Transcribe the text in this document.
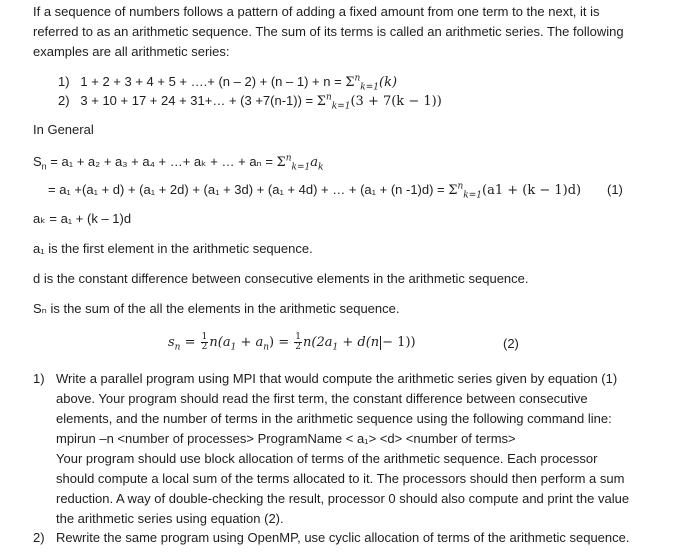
If a sequence of numbers follows a pattern of adding a fixed amount from one term to the next, it is
referred to as an arithmetic sequence. The sum of its terms is called an arithmetic series. The following
examples are all arithmetic series:
1) 1 + 2 + 3 + 4 + 5 + ….+ $(n - 2) + (n - 1) + n = \Sigma^n_{k=1}(k)$
2) 3 + 10 + 17 + 24 + 31+… + $(3 +7(n-1)) = \Sigma^n_{k=1}(3 + 7(k - 1))$
In General
$S_n = a_1 + a_2 + a_3 + a_4$ + …+ aₖ + … + $a_n = \Sigma^n_{k=1}a_k$
= a₁ +(a₁ + d) + (a₁ + 2d) + (a₁ + 3d) + (a₁ + 4d) + … + (a₁ + (n $-1)d) = \Sigma^n_{k=1}(a1 + (k - 1)d)$ (1)
aₖ = a₁ + (k – 1)d
a₁ is the first element in the arithmetic sequence.
d is the constant difference between consecutive elements in the arithmetic sequence.
Sₙ is the sum of the all the elements in the arithmetic sequence.
$s_n = \frac{1}{2} n(a_1 + a_n) = \frac{1}{2} n(2a_1 + d(n - 1))$	(2)
1) Write a parallel program using MPI that would compute the arithmetic series given by equation (1)
above. Your program should read the first term, the constant difference between consecutive
elements, and the number of terms in the arithmetic sequence using the following command line:
mpirun –n <number of processes> ProgramName < a₁> <d> <number of terms>
Your program should use block allocation of terms of the arithmetic sequence. Each processor
should compute a local sum of the terms allocated to it. The processors should then perform a sum
reduction. A way of double-checking the result, processor 0 should also compute and print the value
the arithmetic series using equation (2).
2) Rewrite the same program using OpenMP, use cyclic allocation of terms of the arithmetic sequence.
